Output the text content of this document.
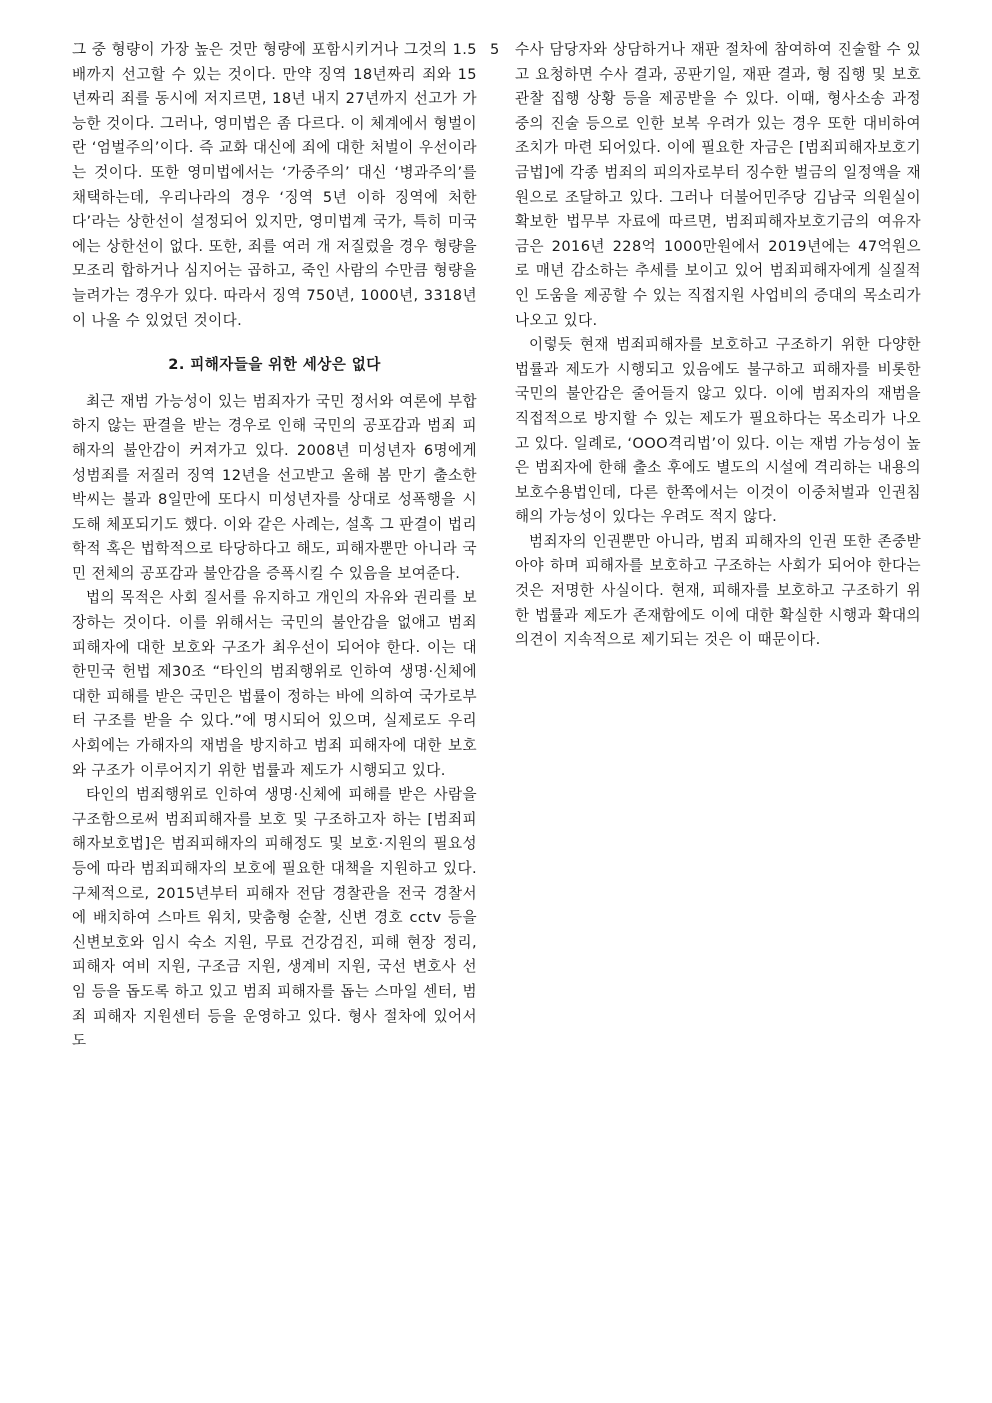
5

그 중 형량이 가장 높은 것만 형량에 포함시키거나 그것의 1.5배까지 선고할 수 있는 것이다. 만약 징역 18년짜리 죄와 15년짜리 죄를 동시에 저지르면, 18년 내지 27년까지 선고가 가능한 것이다. 그러나, 영미법은 좀 다르다. 이 체계에서 형벌이란 ‘엄벌주의’이다. 즉 교화 대신에 죄에 대한 처벌이 우선이라는 것이다. 또한 영미법에서는 ‘가중주의’ 대신 ‘병과주의’를 채택하는데, 우리나라의 경우 ‘징역 5년 이하 징역에 처한다’라는 상한선이 설정되어 있지만, 영미법계 국가, 특히 미국에는 상한선이 없다. 또한, 죄를 여러 개 저질렀을 경우 형량을 모조리 합하거나 심지어는 곱하고, 죽인 사람의 수만큼 형량을 늘려가는 경우가 있다. 따라서 징역 750년, 1000년, 3318년이 나올 수 있었던 것이다.

2. 피해자들을 위한 세상은 없다

최근 재범 가능성이 있는 범죄자가 국민 정서와 여론에 부합하지 않는 판결을 받는 경우로 인해 국민의 공포감과 범죄 피해자의 불안감이 커져가고 있다. 2008년 미성년자 6명에게 성범죄를 저질러 징역 12년을 선고받고 올해 봄 만기 출소한 박씨는 불과 8일만에 또다시 미성년자를 상대로 성폭행을 시도해 체포되기도 했다. 이와 같은 사례는, 설혹 그 판결이 법리학적 혹은 법학적으로 타당하다고 해도, 피해자뿐만 아니라 국민 전체의 공포감과 불안감을 증폭시킬 수 있음을 보여준다.

법의 목적은 사회 질서를 유지하고 개인의 자유와 권리를 보장하는 것이다. 이를 위해서는 국민의 불안감을 없애고 범죄 피해자에 대한 보호와 구조가 최우선이 되어야 한다. 이는 대한민국 헌법 제30조 “타인의 범죄행위로 인하여 생명·신체에 대한 피해를 받은 국민은 법률이 정하는 바에 의하여 국가로부터 구조를 받을 수 있다.”에 명시되어 있으며, 실제로도 우리 사회에는 가해자의 재범을 방지하고 범죄 피해자에 대한 보호와 구조가 이루어지기 위한 법률과 제도가 시행되고 있다.

타인의 범죄행위로 인하여 생명·신체에 피해를 받은 사람을 구조함으로써 범죄피해자를 보호 및 구조하고자 하는 [범죄피해자보호법]은 범죄피해자의 피해정도 및 보호·지원의 필요성 등에 따라 범죄피해자의 보호에 필요한 대책을 지원하고 있다. 구체적으로, 2015년부터 피해자 전담 경찰관을 전국 경찰서에 배치하여 스마트 워치, 맞춤형 순찰, 신변 경호 cctv 등을 신변보호와 임시 숙소 지원, 무료 건강검진, 피해 현장 정리, 피해자 여비 지원, 구조금 지원, 생계비 지원, 국선 변호사 선임 등을 돕도록 하고 있고 범죄 피해자를 돕는 스마일 센터, 범죄 피해자 지원센터 등을 운영하고 있다. 형사 절차에 있어서도

수사 담당자와 상담하거나 재판 절차에 참여하여 진술할 수 있고 요청하면 수사 결과, 공판기일, 재판 결과, 형 집행 및 보호관찰 집행 상황 등을 제공받을 수 있다. 이때, 형사소송 과정 중의 진술 등으로 인한 보복 우려가 있는 경우 또한 대비하여 조치가 마련 되어있다. 이에 필요한 자금은 [범죄피해자보호기금법]에 각종 범죄의 피의자로부터 징수한 벌금의 일정액을 재원으로 조달하고 있다. 그러나 더불어민주당 김남국 의원실이 확보한 법무부 자료에 따르면, 범죄피해자보호기금의 여유자금은 2016년 228억 1000만원에서 2019년에는 47억원으로 매년 감소하는 추세를 보이고 있어 범죄피해자에게 실질적인 도움을 제공할 수 있는 직접지원 사업비의 증대의 목소리가 나오고 있다.

이렇듯 현재 범죄피해자를 보호하고 구조하기 위한 다양한 법률과 제도가 시행되고 있음에도 불구하고 피해자를 비롯한 국민의 불안감은 줄어들지 않고 있다. 이에 범죄자의 재범을 직접적으로 방지할 수 있는 제도가 필요하다는 목소리가 나오고 있다. 일례로, ‘OOO격리법’이 있다. 이는 재범 가능성이 높은 범죄자에 한해 출소 후에도 별도의 시설에 격리하는 내용의 보호수용법인데, 다른 한쪽에서는 이것이 이중처벌과 인권침해의 가능성이 있다는 우려도 적지 않다.

범죄자의 인권뿐만 아니라, 범죄 피해자의 인권 또한 존중받아야 하며 피해자를 보호하고 구조하는 사회가 되어야 한다는 것은 저명한 사실이다. 현재, 피해자를 보호하고 구조하기 위한 법률과 제도가 존재함에도 이에 대한 확실한 시행과 확대의 의견이 지속적으로 제기되는 것은 이 때문이다.
